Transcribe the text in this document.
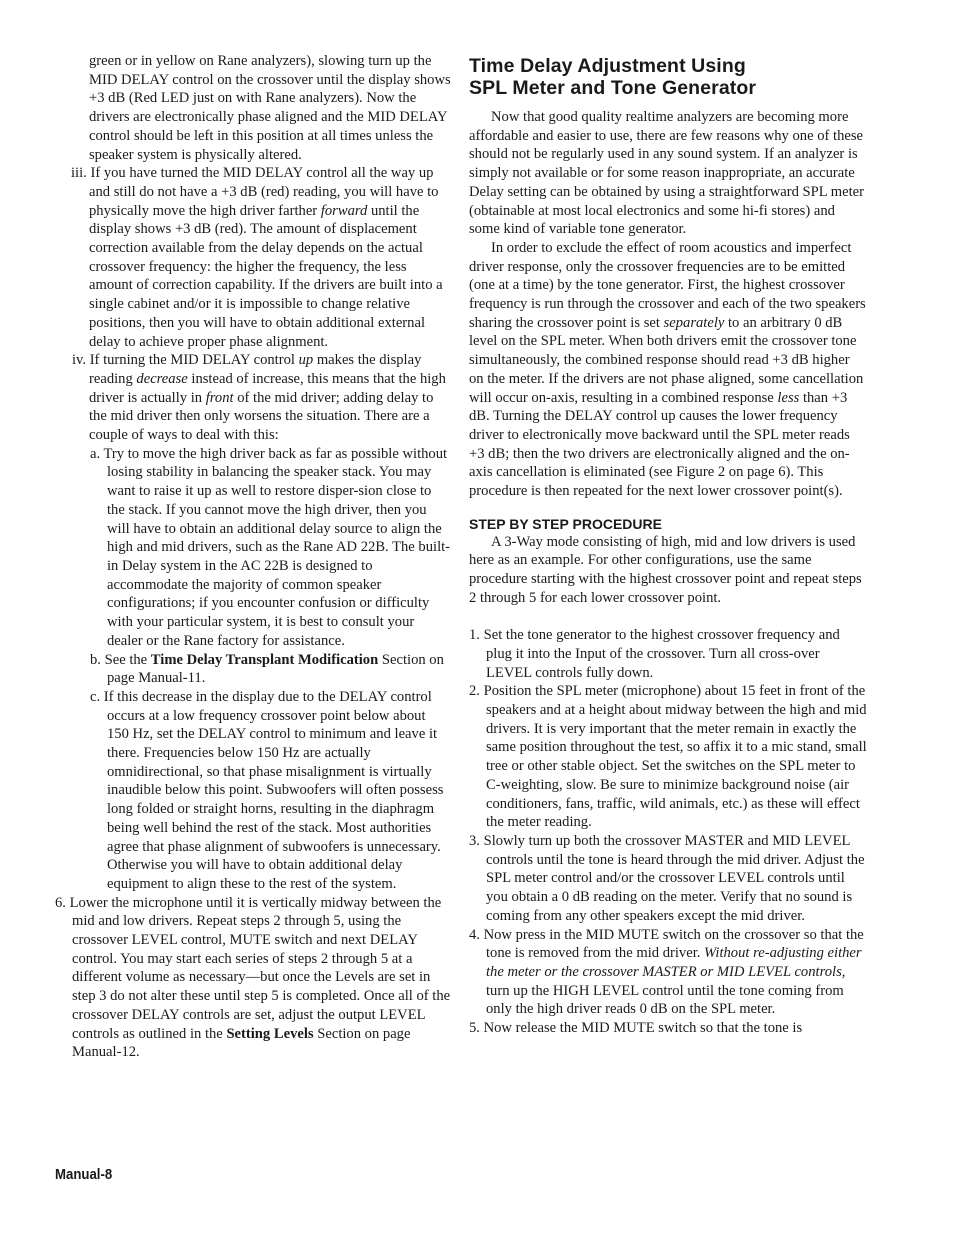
green or in yellow on Rane analyzers), slowing turn up the MID DELAY control on the crossover until the display shows +3 dB (Red LED just on with Rane analyzers). Now the drivers are electronically phase aligned and the MID DELAY control should be left in this position at all times unless the speaker system is physically altered.

iii. If you have turned the MID DELAY control all the way up and still do not have a +3 dB (red) reading, you will have to physically move the high driver farther forward until the display shows +3 dB (red). The amount of displacement correction available from the delay depends on the actual crossover frequency: the higher the frequency, the less amount of correction capability. If the drivers are built into a single cabinet and/or it is impossible to change relative positions, then you will have to obtain additional external delay to achieve proper phase alignment.

iv. If turning the MID DELAY control up makes the display reading decrease instead of increase, this means that the high driver is actually in front of the mid driver; adding delay to the mid driver then only worsens the situation. There are a couple of ways to deal with this:

a. Try to move the high driver back as far as possible without losing stability in balancing the speaker stack. You may want to raise it up as well to restore disper-sion close to the stack. If you cannot move the high driver, then you will have to obtain an additional delay source to align the high and mid drivers, such as the Rane AD 22B. The built-in Delay system in the AC 22B is designed to accommodate the majority of common speaker configurations; if you encounter confusion or difficulty with your particular system, it is best to consult your dealer or the Rane factory for assistance.

b. See the Time Delay Transplant Modification Section on page Manual-11.

c. If this decrease in the display due to the DELAY control occurs at a low frequency crossover point below about 150 Hz, set the DELAY control to minimum and leave it there. Frequencies below 150 Hz are actually omnidirectional, so that phase misalignment is virtually inaudible below this point. Subwoofers will often possess long folded or straight horns, resulting in the diaphragm being well behind the rest of the stack. Most authorities agree that phase alignment of subwoofers is unnecessary. Otherwise you will have to obtain additional delay equipment to align these to the rest of the system.

6. Lower the microphone until it is vertically midway between the mid and low drivers. Repeat steps 2 through 5, using the crossover LEVEL control, MUTE switch and next DELAY control. You may start each series of steps 2 through 5 at a different volume as necessary—but once the Levels are set in step 3 do not alter these until step 5 is completed. Once all of the crossover DELAY controls are set, adjust the output LEVEL controls as outlined in the Setting Levels Section on page Manual-12.

Time Delay Adjustment Using
SPL Meter and Tone Generator

Now that good quality realtime analyzers are becoming more affordable and easier to use, there are few reasons why one of these should not be regularly used in any sound system. If an analyzer is simply not available or for some reason inappropriate, an accurate Delay setting can be obtained by using a straightforward SPL meter (obtainable at most local electronics and some hi-fi stores) and some kind of variable tone generator.

In order to exclude the effect of room acoustics and imperfect driver response, only the crossover frequencies are to be emitted (one at a time) by the tone generator. First, the highest crossover frequency is run through the crossover and each of the two speakers sharing the crossover point is set separately to an arbitrary 0 dB level on the SPL meter. When both drivers emit the crossover tone simultaneously, the combined response should read +3 dB higher on the meter. If the drivers are not phase aligned, some cancellation will occur on-axis, resulting in a combined response less than +3 dB. Turning the DELAY control up causes the lower frequency driver to electronically move backward until the SPL meter reads +3 dB; then the two drivers are electronically aligned and the on-axis cancellation is eliminated (see Figure 2 on page 6). This procedure is then repeated for the next lower crossover point(s).

STEP BY STEP PROCEDURE

A 3-Way mode consisting of high, mid and low drivers is used here as an example. For other configurations, use the same procedure starting with the highest crossover point and repeat steps 2 through 5 for each lower crossover point.

1. Set the tone generator to the highest crossover frequency and plug it into the Input of the crossover. Turn all cross-over LEVEL controls fully down.

2. Position the SPL meter (microphone) about 15 feet in front of the speakers and at a height about midway between the high and mid drivers. It is very important that the meter remain in exactly the same position throughout the test, so affix it to a mic stand, small tree or other stable object. Set the switches on the SPL meter to C-weighting, slow. Be sure to minimize background noise (air conditioners, fans, traffic, wild animals, etc.) as these will effect the meter reading.

3. Slowly turn up both the crossover MASTER and MID LEVEL controls until the tone is heard through the mid driver. Adjust the SPL meter control and/or the crossover LEVEL controls until you obtain a 0 dB reading on the meter. Verify that no sound is coming from any other speakers except the mid driver.

4. Now press in the MID MUTE switch on the crossover so that the tone is removed from the mid driver. Without re-adjusting either the meter or the crossover MASTER or MID LEVEL controls, turn up the HIGH LEVEL control until the tone coming from only the high driver reads 0 dB on the SPL meter.

5. Now release the MID MUTE switch so that the tone is

Manual-8
